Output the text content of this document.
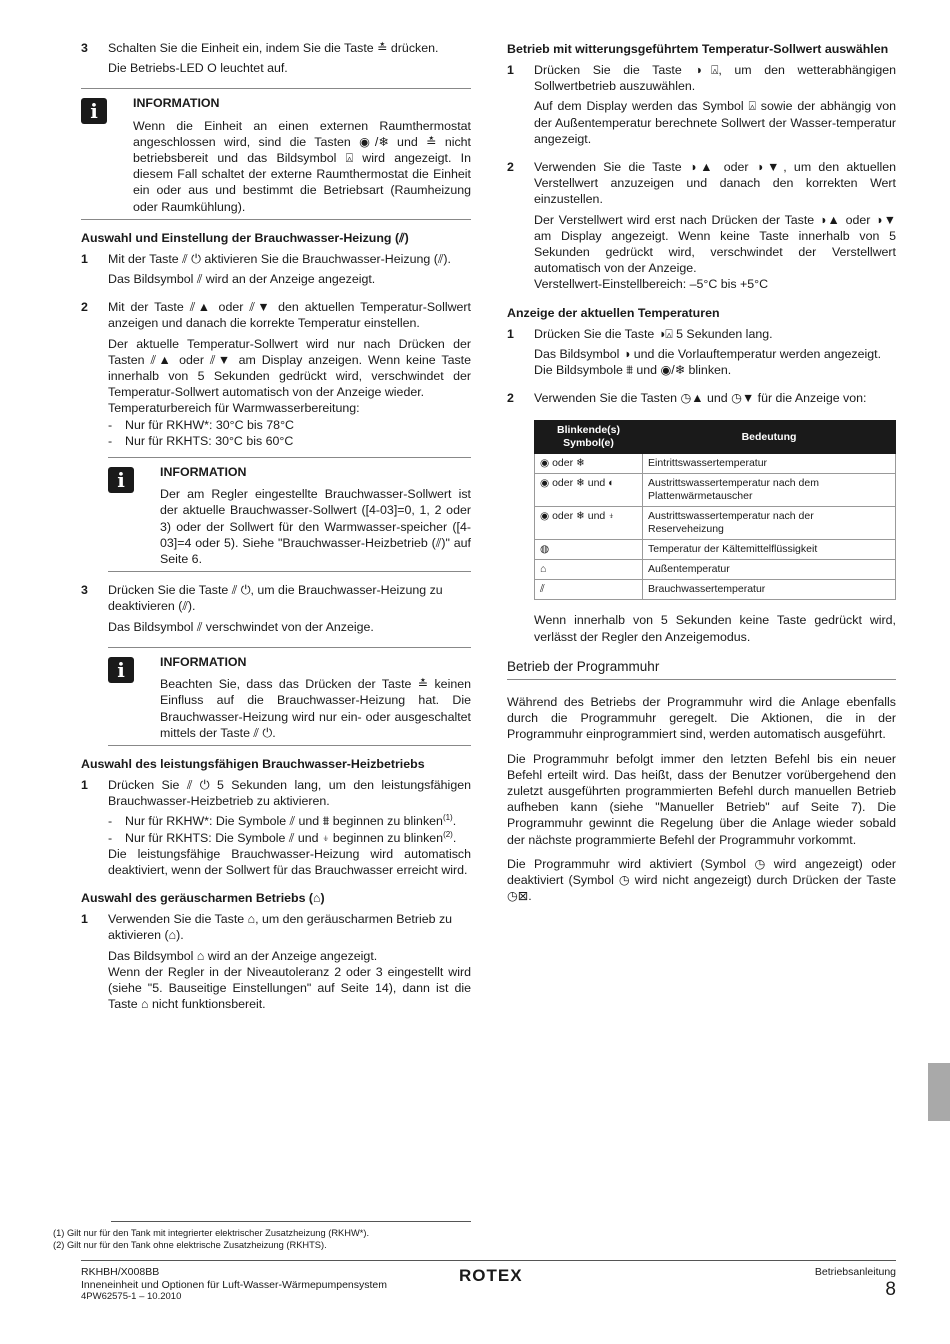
3	Schalten Sie die Einheit ein, indem Sie die Taste ≛ drücken.

Die Betriebs-LED O leuchtet auf.

i	INFORMATION
Wenn die Einheit an einen externen Raumthermostat angeschlossen wird, sind die Tasten ◉/❄ und ≛ nicht betriebsbereit und das Bildsymbol ⍓ wird angezeigt. In diesem Fall schaltet der externe Raumthermostat die Einheit ein oder aus und bestimmt die Betriebsart (Raumheizung oder Raumkühlung).
Auswahl und Einstellung der Brauchwasser-Heizung (⫽)
1	Mit der Taste ⫽ ⏻ aktivieren Sie die Brauchwasser-Heizung (⫽).

Das Bildsymbol ⫽ wird an der Anzeige angezeigt.

2	Mit der Taste ⫽▲ oder ⫽▼ den aktuellen Temperatur-Sollwert anzeigen und danach die korrekte Temperatur einstellen.

Der aktuelle Temperatur-Sollwert wird nur nach Drücken der Tasten ⫽▲ oder ⫽▼ am Display anzeigen. Wenn keine Taste innerhalb von 5 Sekunden gedrückt wird, verschwindet der Temperatur-Sollwert automatisch von der Anzeige wieder.

Temperaturbereich für Warmwasserbereitung:

- Nur für RKHW*: 30°C bis 78°C
- Nur für RKHTS: 30°C bis 60°C
i	INFORMATION
Der am Regler eingestellte Brauchwasser-Sollwert ist der aktuelle Brauchwasser-Sollwert ([4-03]=0, 1, 2 oder 3) oder der Sollwert für den Warmwasser-speicher ([4-03]=4 oder 5). Siehe "Brauchwasser-Heizbetrieb (⫽)" auf Seite 6.
3	Drücken Sie die Taste ⫽ ⏻, um die Brauchwasser-Heizung zu deaktivieren (⫽).

Das Bildsymbol ⫽ verschwindet von der Anzeige.

i	INFORMATION
Beachten Sie, dass das Drücken der Taste ≛ keinen Einfluss auf die Brauchwasser-Heizung hat. Die Brauchwasser-Heizung wird nur ein- oder ausgeschaltet mittels der Taste ⫽ ⏻.
Auswahl des leistungsfähigen Brauchwasser-Heizbetriebs
1	Drücken Sie ⫽ ⏻ 5 Sekunden lang, um den leistungsfähigen Brauchwasser-Heizbetrieb zu aktivieren.

- Nur für RKHW*: Die Symbole ⫽ und ⩩ beginnen zu blinken$^{(1)}$.
- Nur für RKHTS: Die Symbole ⫽ und ⍖ beginnen zu blinken$^{(2)}$.

Die leistungsfähige Brauchwasser-Heizung wird automatisch deaktiviert, wenn der Sollwert für das Brauchwasser erreicht wird.

Auswahl des geräuscharmen Betriebs (⌂)
1	Verwenden Sie die Taste ⌂, um den geräuscharmen Betrieb zu aktivieren (⌂).

Das Bildsymbol ⌂ wird an der Anzeige angezeigt.

Wenn der Regler in der Niveautoleranz 2 oder 3 eingestellt wird (siehe "5. Bauseitige Einstellungen" auf Seite 14), dann ist die Taste ⌂ nicht funktionsbereit.

Betrieb mit witterungsgeführtem Temperatur-Sollwert auswählen
1	Drücken Sie die Taste ◑⍓, um den wetterabhängigen Sollwertbetrieb auszuwählen.

Auf dem Display werden das Symbol ⍓ sowie der abhängig von der Außentemperatur berechnete Sollwert der Wasser-temperatur angezeigt.

2	Verwenden Sie die Taste ◑▲ oder ◑▼, um den aktuellen Verstellwert anzuzeigen und danach den korrekten Wert einzustellen.

Der Verstellwert wird erst nach Drücken der Taste ◑▲ oder ◑▼ am Display angezeigt. Wenn keine Taste innerhalb von 5 Sekunden gedrückt wird, verschwindet der Verstellwert automatisch von der Anzeige.

Verstellwert-Einstellbereich: –5°C bis +5°C

Anzeige der aktuellen Temperaturen
1	Drücken Sie die Taste ◑⍓ 5 Sekunden lang.

Das Bildsymbol ◑ und die Vorlauftemperatur werden angezeigt. Die Bildsymbole ⩩ und ◉/❄ blinken.

2	Verwenden Sie die Tasten ◷▲ und ◷▼ für die Anzeige von:

Blinkende(s) Symbol(e)	Bedeutung
◉ oder ❄	Eintrittswassertemperatur
◉ oder ❄ und ◐	Austrittswassertemperatur nach dem Plattenwärmetauscher
◉ oder ❄ und ⍖	Austrittswassertemperatur nach der Reserveheizung
◍	Temperatur der Kältemittelflüssigkeit
⌂	Außentemperatur
⫽	Brauchwassertemperatur

Wenn innerhalb von 5 Sekunden keine Taste gedrückt wird, verlässt der Regler den Anzeigemodus.

Betrieb der Programmuhr

Während des Betriebs der Programmuhr wird die Anlage ebenfalls durch die Programmuhr geregelt. Die Aktionen, die in der Programmuhr einprogrammiert sind, werden automatisch ausgeführt.

Die Programmuhr befolgt immer den letzten Befehl bis ein neuer Befehl erteilt wird. Das heißt, dass der Benutzer vorübergehend den zuletzt ausgeführten programmierten Befehl durch manuellen Betrieb aufheben kann (siehe "Manueller Betrieb" auf Seite 7). Die Programmuhr gewinnt die Regelung über die Anlage wieder sobald der nächste programmierte Befehl der Programmuhr vorkommt.

Die Programmuhr wird aktiviert (Symbol ◷ wird angezeigt) oder deaktiviert (Symbol ◷ wird nicht angezeigt) durch Drücken der Taste ◷⊠.

(1) Gilt nur für den Tank mit integrierter elektrischer Zusatzheizung (RKHW*).
(2) Gilt nur für den Tank ohne elektrische Zusatzheizung (RKHTS).
RKHBH/X008BB
Inneneinheit und Optionen für Luft-Wasser-Wärmepumpensystem
4PW62575-1 – 10.2010
ROTEX	Betriebsanleitung
8
